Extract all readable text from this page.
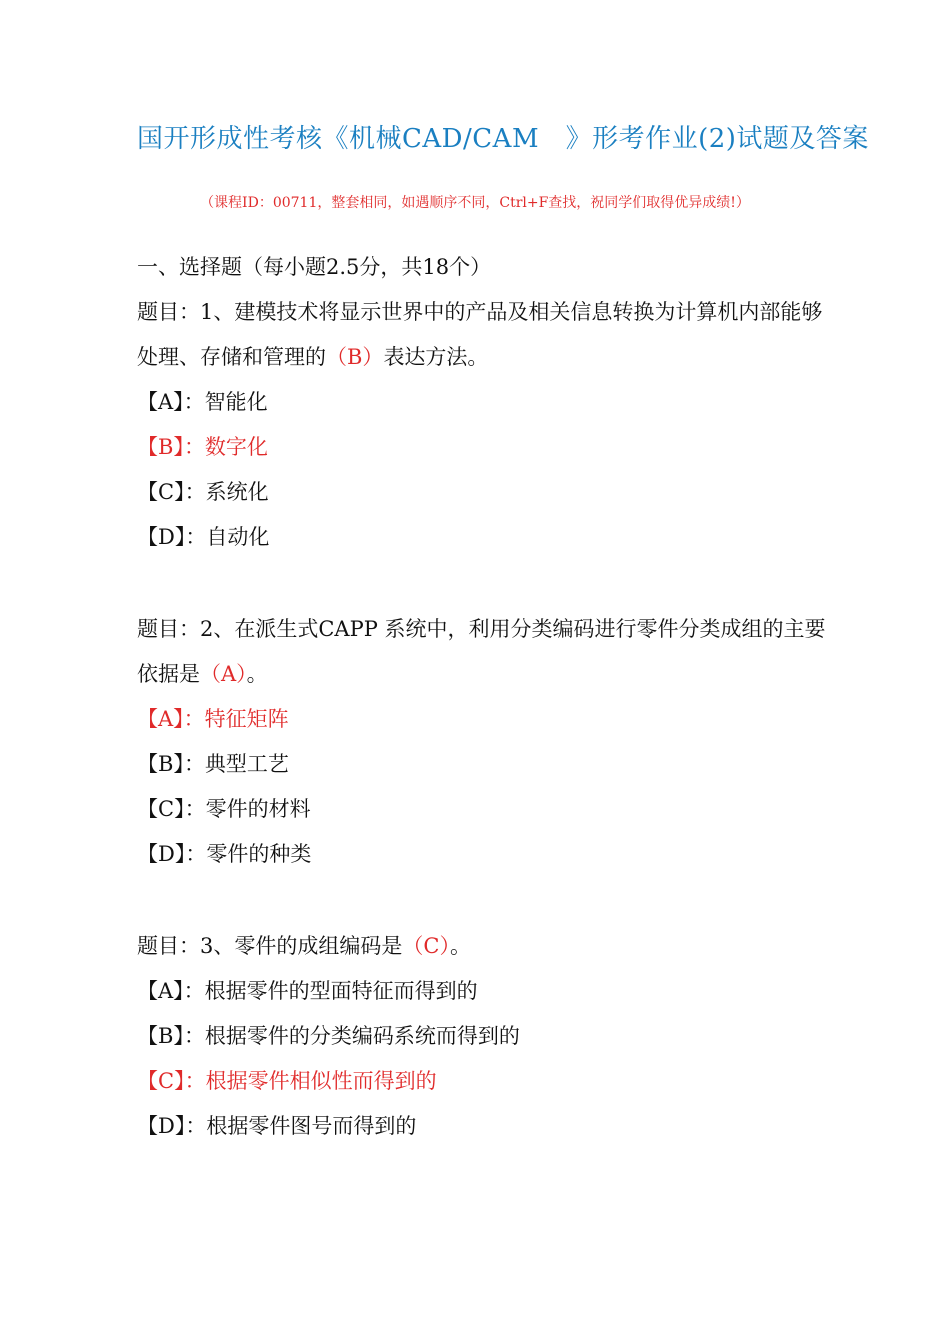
国开形成性考核《机械CAD/CAM　》形考作业(2)试题及答案
（课程ID：00711，整套相同，如遇顺序不同，Ctrl+F查找，祝同学们取得优异成绩!）
一、选择题（每小题2.5分，共18个）
题目：1、建模技术将显示世界中的产品及相关信息转换为计算机内部能够
处理、存储和管理的（B）表达方法。
【A】：智能化
【B】：数字化
【C】：系统化
【D】：自动化
题目：2、在派生式CAPP 系统中，利用分类编码进行零件分类成组的主要
依据是（A）。
【A】：特征矩阵
【B】：典型工艺
【C】：零件的材料
【D】：零件的种类
题目：3、零件的成组编码是（C）。
【A】：根据零件的型面特征而得到的
【B】：根据零件的分类编码系统而得到的
【C】：根据零件相似性而得到的
【D】：根据零件图号而得到的
